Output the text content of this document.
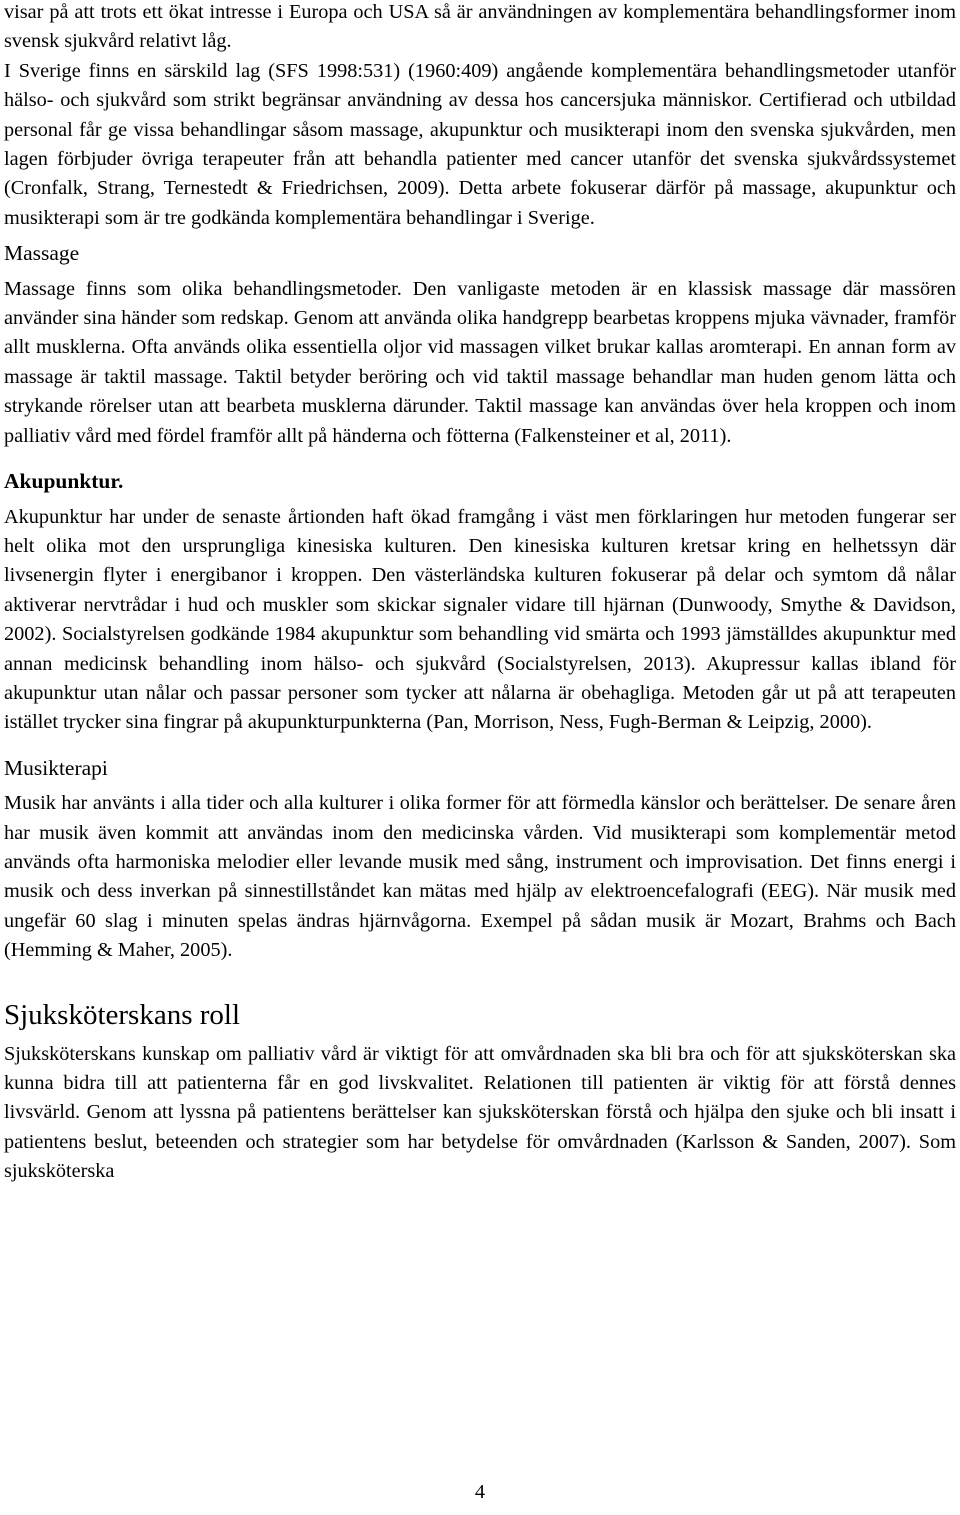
visar på att trots ett ökat intresse i Europa och USA så är användningen av komplementära behandlingsformer inom svensk sjukvård relativt låg.

I Sverige finns en särskild lag (SFS 1998:531) (1960:409) angående komplementära behandlingsmetoder utanför hälso- och sjukvård som strikt begränsar användning av dessa hos cancersjuka människor. Certifierad och utbildad personal får ge vissa behandlingar såsom massage, akupunktur och musikterapi inom den svenska sjukvården, men lagen förbjuder övriga terapeuter från att behandla patienter med cancer utanför det svenska sjukvårdssystemet (Cronfalk, Strang, Ternestedt & Friedrichsen, 2009). Detta arbete fokuserar därför på massage, akupunktur och musikterapi som är tre godkända komplementära behandlingar i Sverige.

Massage

Massage finns som olika behandlingsmetoder. Den vanligaste metoden är en klassisk massage där massören använder sina händer som redskap. Genom att använda olika handgrepp bearbetas kroppens mjuka vävnader, framför allt musklerna. Ofta används olika essentiella oljor vid massagen vilket brukar kallas aromterapi. En annan form av massage är taktil massage. Taktil betyder beröring och vid taktil massage behandlar man huden genom lätta och strykande rörelser utan att bearbeta musklerna därunder. Taktil massage kan användas över hela kroppen och inom palliativ vård med fördel framför allt på händerna och fötterna (Falkensteiner et al, 2011).

Akupunktur.

Akupunktur har under de senaste årtionden haft ökad framgång i väst men förklaringen hur metoden fungerar ser helt olika mot den ursprungliga kinesiska kulturen. Den kinesiska kulturen kretsar kring en helhetssyn där livsenergin flyter i energibanor i kroppen. Den västerländska kulturen fokuserar på delar och symtom då nålar aktiverar nervtrådar i hud och muskler som skickar signaler vidare till hjärnan (Dunwoody, Smythe & Davidson, 2002). Socialstyrelsen godkände 1984 akupunktur som behandling vid smärta och 1993 jämställdes akupunktur med annan medicinsk behandling inom hälso- och sjukvård (Socialstyrelsen, 2013). Akupressur kallas ibland för akupunktur utan nålar och passar personer som tycker att nålarna är obehagliga. Metoden går ut på att terapeuten istället trycker sina fingrar på akupunkturpunkterna (Pan, Morrison, Ness, Fugh-Berman & Leipzig, 2000).

Musikterapi

Musik har använts i alla tider och alla kulturer i olika former för att förmedla känslor och berättelser. De senare åren har musik även kommit att användas inom den medicinska vården. Vid musikterapi som komplementär metod används ofta harmoniska melodier eller levande musik med sång, instrument och improvisation. Det finns energi i musik och dess inverkan på sinnestillståndet kan mätas med hjälp av elektroencefalografi (EEG). När musik med ungefär 60 slag i minuten spelas ändras hjärnvågorna. Exempel på sådan musik är Mozart, Brahms och Bach (Hemming & Maher, 2005).

Sjuksköterskans roll

Sjuksköterskans kunskap om palliativ vård är viktigt för att omvårdnaden ska bli bra och för att sjuksköterskan ska kunna bidra till att patienterna får en god livskvalitet. Relationen till patienten är viktig för att förstå dennes livsvärld. Genom att lyssna på patientens berättelser kan sjuksköterskan förstå och hjälpa den sjuke och bli insatt i patientens beslut, beteenden och strategier som har betydelse för omvårdnaden (Karlsson & Sanden, 2007). Som sjuksköterska

4
